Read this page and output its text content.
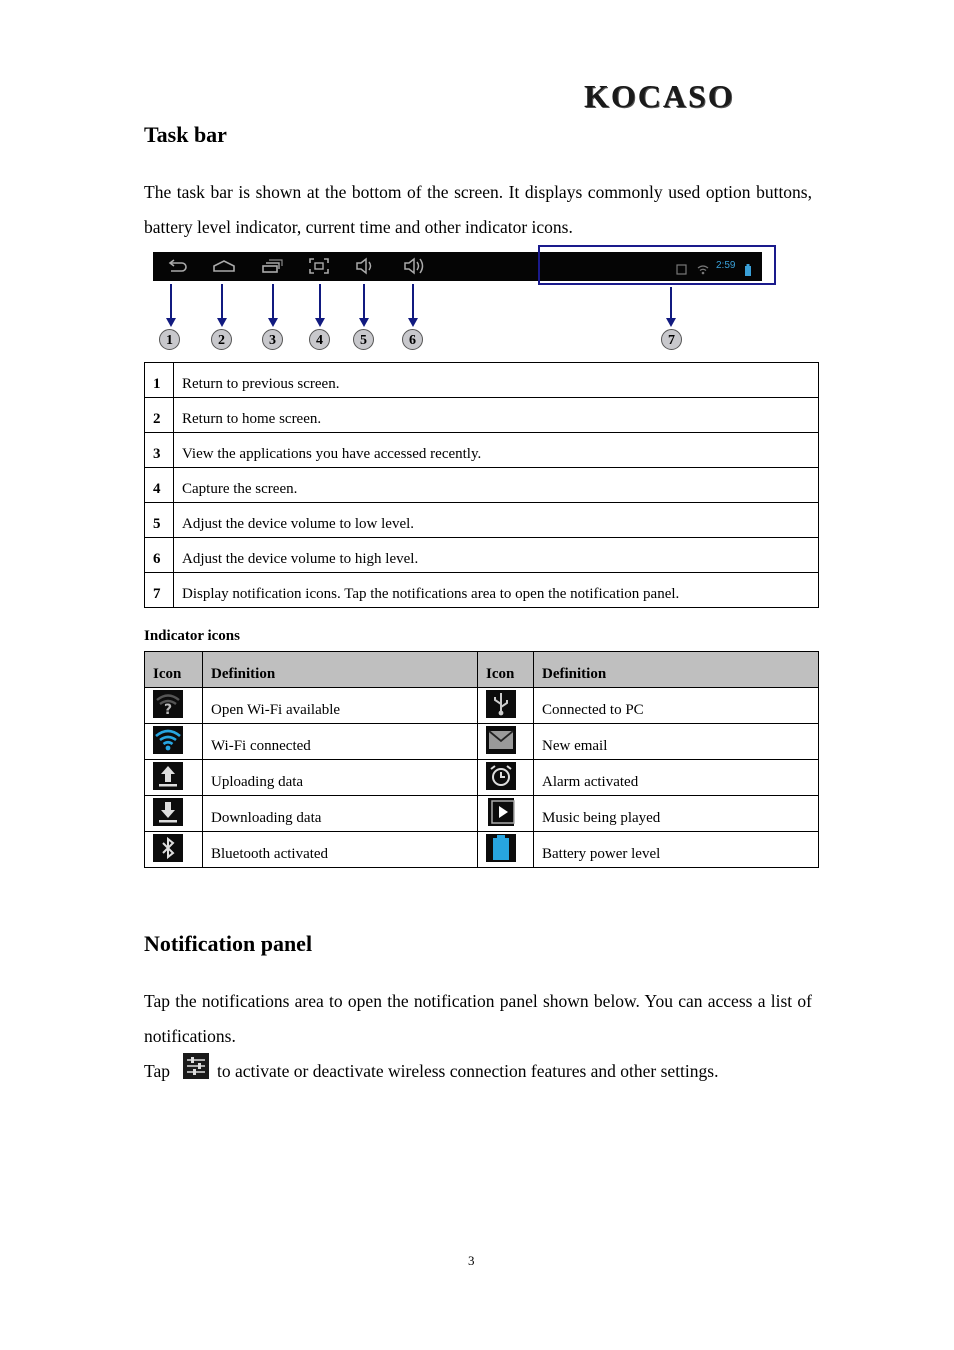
KOCASO
Task bar
The task bar is shown at the bottom of the screen. It displays commonly used option buttons, battery level indicator, current time and other indicator icons.
2:59
1	2	3	4	5	6	7
1	Return to previous screen.
2	Return to home screen.
3	View the applications you have accessed recently.
4	Capture the screen.
5	Adjust the device volume to low level.
6	Adjust the device volume to high level.
7	Display notification icons. Tap the notifications area to open the notification panel.
Indicator icons
Icon	Definition	Icon	Definition

?	Open Wi-Fi available		Connected to PC

	Wi-Fi connected		New email

	Uploading data		Alarm activated

	Downloading data		Music being played

	Bluetooth activated		Battery power level
Notification panel
Tap the notifications area to open the notification panel shown below. You can access a list of notifications.
Tap	to activate or deactivate wireless connection features and other settings.
3
